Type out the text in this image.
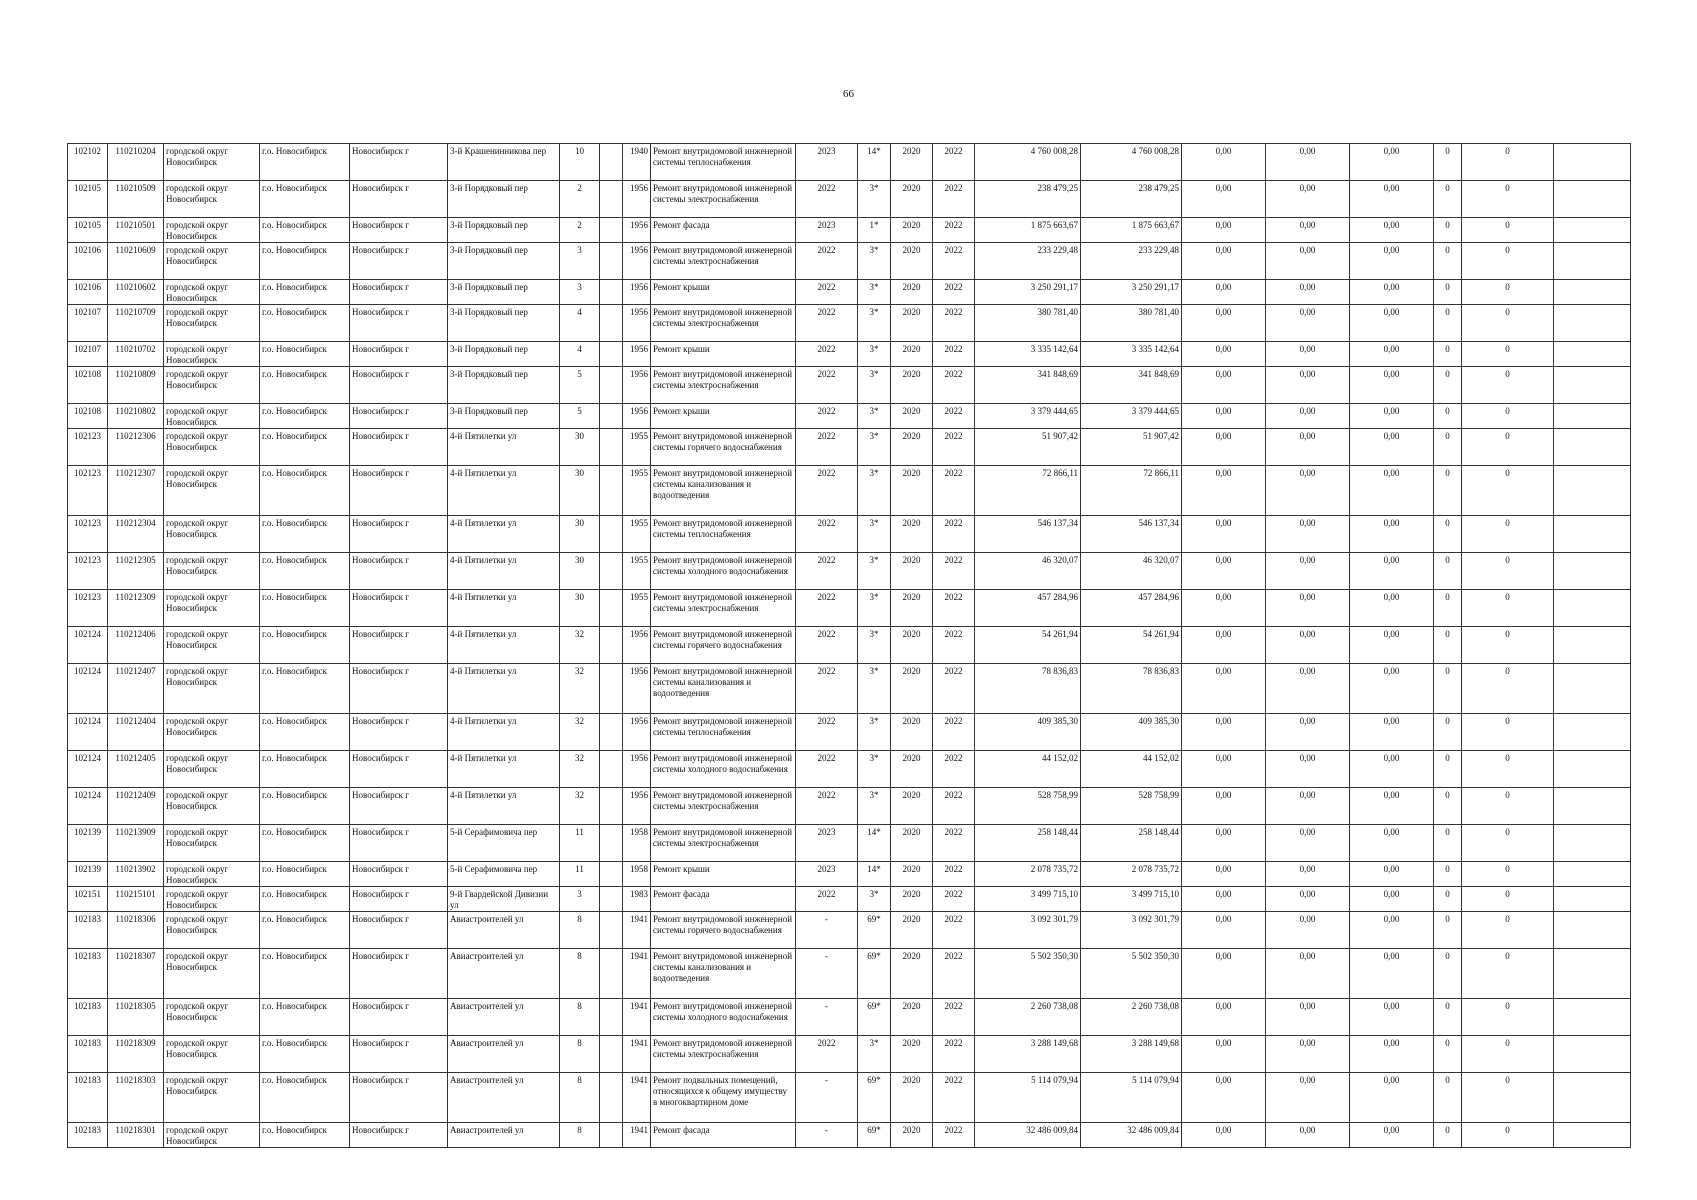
66
102102	110210204	городской округ Новосибирск	г.о. Новосибирск	Новосибирск г	3-й Крашенинникова пер	10		1940	Ремонт внутридомовой инженерной системы теплоснабжения	2023	14*	2020	2022	4 760 008,28	4 760 008,28	0,00	0,00	0,00	0	0	
102105	110210509	городской округ Новосибирск	г.о. Новосибирск	Новосибирск г	3-й Порядковый пер	2		1956	Ремонт внутридомовой инженерной системы электроснабжения	2022	3*	2020	2022	238 479,25	238 479,25	0,00	0,00	0,00	0	0	
102105	110210501	городской округ Новосибирск	г.о. Новосибирск	Новосибирск г	3-й Порядковый пер	2		1956	Ремонт фасада	2023	1*	2020	2022	1 875 663,67	1 875 663,67	0,00	0,00	0,00	0	0	
102106	110210609	городской округ Новосибирск	г.о. Новосибирск	Новосибирск г	3-й Порядковый пер	3		1956	Ремонт внутридомовой инженерной системы электроснабжения	2022	3*	2020	2022	233 229,48	233 229,48	0,00	0,00	0,00	0	0	
102106	110210602	городской округ Новосибирск	г.о. Новосибирск	Новосибирск г	3-й Порядковый пер	3		1956	Ремонт крыши	2022	3*	2020	2022	3 250 291,17	3 250 291,17	0,00	0,00	0,00	0	0	
102107	110210709	городской округ Новосибирск	г.о. Новосибирск	Новосибирск г	3-й Порядковый пер	4		1956	Ремонт внутридомовой инженерной системы электроснабжения	2022	3*	2020	2022	380 781,40	380 781,40	0,00	0,00	0,00	0	0	
102107	110210702	городской округ Новосибирск	г.о. Новосибирск	Новосибирск г	3-й Порядковый пер	4		1956	Ремонт крыши	2022	3*	2020	2022	3 335 142,64	3 335 142,64	0,00	0,00	0,00	0	0	
102108	110210809	городской округ Новосибирск	г.о. Новосибирск	Новосибирск г	3-й Порядковый пер	5		1956	Ремонт внутридомовой инженерной системы электроснабжения	2022	3*	2020	2022	341 848,69	341 848,69	0,00	0,00	0,00	0	0	
102108	110210802	городской округ Новосибирск	г.о. Новосибирск	Новосибирск г	3-й Порядковый пер	5		1956	Ремонт крыши	2022	3*	2020	2022	3 379 444,65	3 379 444,65	0,00	0,00	0,00	0	0	
102123	110212306	городской округ Новосибирск	г.о. Новосибирск	Новосибирск г	4-й Пятилетки ул	30		1955	Ремонт внутридомовой инженерной системы горячего водоснабжения	2022	3*	2020	2022	51 907,42	51 907,42	0,00	0,00	0,00	0	0	
102123	110212307	городской округ Новосибирск	г.о. Новосибирск	Новосибирск г	4-й Пятилетки ул	30		1955	Ремонт внутридомовой инженерной системы канализования и водоотведения	2022	3*	2020	2022	72 866,11	72 866,11	0,00	0,00	0,00	0	0	
102123	110212304	городской округ Новосибирск	г.о. Новосибирск	Новосибирск г	4-й Пятилетки ул	30		1955	Ремонт внутридомовой инженерной системы теплоснабжения	2022	3*	2020	2022	546 137,34	546 137,34	0,00	0,00	0,00	0	0	
102123	110212305	городской округ Новосибирск	г.о. Новосибирск	Новосибирск г	4-й Пятилетки ул	30		1955	Ремонт внутридомовой инженерной системы холодного водоснабжения	2022	3*	2020	2022	46 320,07	46 320,07	0,00	0,00	0,00	0	0	
102123	110212309	городской округ Новосибирск	г.о. Новосибирск	Новосибирск г	4-й Пятилетки ул	30		1955	Ремонт внутридомовой инженерной системы электроснабжения	2022	3*	2020	2022	457 284,96	457 284,96	0,00	0,00	0,00	0	0	
102124	110212406	городской округ Новосибирск	г.о. Новосибирск	Новосибирск г	4-й Пятилетки ул	32		1956	Ремонт внутридомовой инженерной системы горячего водоснабжения	2022	3*	2020	2022	54 261,94	54 261,94	0,00	0,00	0,00	0	0	
102124	110212407	городской округ Новосибирск	г.о. Новосибирск	Новосибирск г	4-й Пятилетки ул	32		1956	Ремонт внутридомовой инженерной системы канализования и водоотведения	2022	3*	2020	2022	78 836,83	78 836,83	0,00	0,00	0,00	0	0	
102124	110212404	городской округ Новосибирск	г.о. Новосибирск	Новосибирск г	4-й Пятилетки ул	32		1956	Ремонт внутридомовой инженерной системы теплоснабжения	2022	3*	2020	2022	409 385,30	409 385,30	0,00	0,00	0,00	0	0	
102124	110212405	городской округ Новосибирск	г.о. Новосибирск	Новосибирск г	4-й Пятилетки ул	32		1956	Ремонт внутридомовой инженерной системы холодного водоснабжения	2022	3*	2020	2022	44 152,02	44 152,02	0,00	0,00	0,00	0	0	
102124	110212409	городской округ Новосибирск	г.о. Новосибирск	Новосибирск г	4-й Пятилетки ул	32		1956	Ремонт внутридомовой инженерной системы электроснабжения	2022	3*	2020	2022	528 758,99	528 758,99	0,00	0,00	0,00	0	0	
102139	110213909	городской округ Новосибирск	г.о. Новосибирск	Новосибирск г	5-й Серафимовича пер	11		1958	Ремонт внутридомовой инженерной системы электроснабжения	2023	14*	2020	2022	258 148,44	258 148,44	0,00	0,00	0,00	0	0	
102139	110213902	городской округ Новосибирск	г.о. Новосибирск	Новосибирск г	5-й Серафимовича пер	11		1958	Ремонт крыши	2023	14*	2020	2022	2 078 735,72	2 078 735,72	0,00	0,00	0,00	0	0	
102151	110215101	городской округ Новосибирск	г.о. Новосибирск	Новосибирск г	9-й Гвардейской Дивизии ул	3		1983	Ремонт фасада	2022	3*	2020	2022	3 499 715,10	3 499 715,10	0,00	0,00	0,00	0	0	
102183	110218306	городской округ Новосибирск	г.о. Новосибирск	Новосибирск г	Авиастроителей ул	8		1941	Ремонт внутридомовой инженерной системы горячего водоснабжения	-	69*	2020	2022	3 092 301,79	3 092 301,79	0,00	0,00	0,00	0	0	
102183	110218307	городской округ Новосибирск	г.о. Новосибирск	Новосибирск г	Авиастроителей ул	8		1941	Ремонт внутридомовой инженерной системы канализования и водоотведения	-	69*	2020	2022	5 502 350,30	5 502 350,30	0,00	0,00	0,00	0	0	
102183	110218305	городской округ Новосибирск	г.о. Новосибирск	Новосибирск г	Авиастроителей ул	8		1941	Ремонт внутридомовой инженерной системы холодного водоснабжения	-	69*	2020	2022	2 260 738,08	2 260 738,08	0,00	0,00	0,00	0	0	
102183	110218309	городской округ Новосибирск	г.о. Новосибирск	Новосибирск г	Авиастроителей ул	8		1941	Ремонт внутридомовой инженерной системы электроснабжения	2022	3*	2020	2022	3 288 149,68	3 288 149,68	0,00	0,00	0,00	0	0	
102183	110218303	городской округ Новосибирск	г.о. Новосибирск	Новосибирск г	Авиастроителей ул	8		1941	Ремонт подвальных помещений, относящихся к общему имуществу в многоквартирном доме	-	69*	2020	2022	5 114 079,94	5 114 079,94	0,00	0,00	0,00	0	0	
102183	110218301	городской округ Новосибирск	г.о. Новосибирск	Новосибирск г	Авиастроителей ул	8		1941	Ремонт фасада	-	69*	2020	2022	32 486 009,84	32 486 009,84	0,00	0,00	0,00	0	0	
